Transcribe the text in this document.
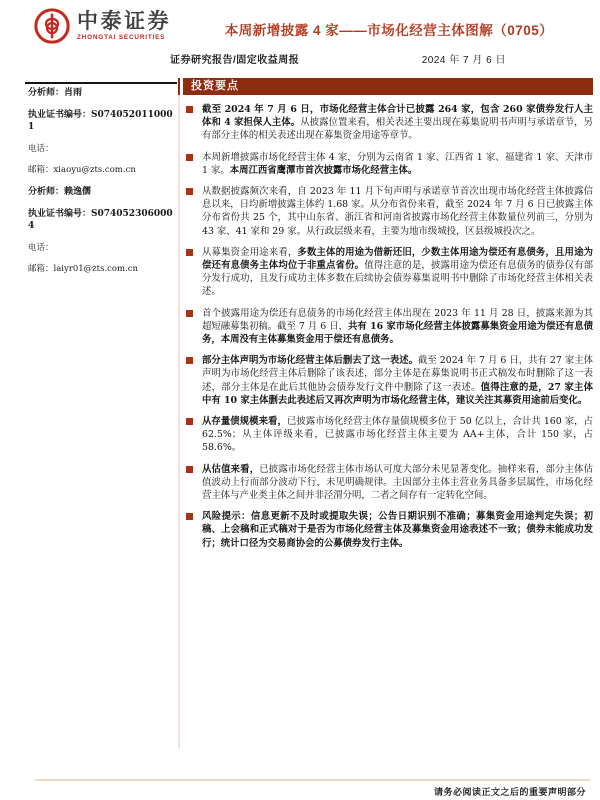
中泰证券
ZHONGTAI SECURITIES	本周新增披露 4 家——市场化经营主体图解（0705）
证券研究报告/固定收益周报	2024 年 7 月 6 日
分析师：肖雨
执业证书编号：S0740520110001
电话：
邮箱：xiaoyu@zts.com.cn
分析师：赖逸儒
执业证书编号：S0740523060004
电话：
邮箱：laiyr01@zts.com.cn
投资要点
截至 2024 年 7 月 6 日，市场化经营主体合计已披露 264 家，包含 260 家债券发行人主体和 4 家担保人主体。从披露位置来看，相关表述主要出现在募集说明书声明与承诺章节，另有部分主体的相关表述出现在募集资金用途等章节。
本周新增披露市场化经营主体 4 家，分别为云南省 1 家、江西省 1 家、福建省 1 家、天津市 1 家。本周江西省鹰潭市首次披露市场化经营主体。
从数据披露频次来看，自 2023 年 11 月下旬声明与承诺章节首次出现市场化经营主体披露信息以来，日均新增披露主体约 1.68 家。从分布省份来看，截至 2024 年 7 月 6 日已披露主体分布省份共 25 个，其中山东省、浙江省和河南省披露市场化经营主体数量位列前三，分别为 43 家、41 家和 29 家。从行政层级来看，主要为地市级城投，区县级城投次之。
从募集资金用途来看，多数主体的用途为借新还旧，少数主体用途为偿还有息债务，且用途为偿还有息债务主体均位于非重点省份。值得注意的是，披露用途为偿还有息债务的债券仅有部分发行成功，且发行成功主体多数在后续协会债券募集说明书中删除了市场化经营主体相关表述。
首个披露用途为偿还有息债务的市场化经营主体出现在 2023 年 11 月 28 日，披露来源为其超短融募集初稿。截至 7 月 6 日，共有 16 家市场化经营主体披露募集资金用途为偿还有息债务，本周没有主体募集资金用于偿还有息债务。
部分主体声明为市场化经营主体后删去了这一表述。截至 2024 年 7 月 6 日，共有 27 家主体声明为市场化经营主体后删除了该表述，部分主体是在募集说明书正式稿发布时删除了这一表述，部分主体是在此后其他协会债券发行文件中删除了这一表述。值得注意的是，27 家主体中有 10 家主体删去此表述后又再次声明为市场化经营主体，建议关注其募资用途前后变化。
从存量债规模来看，已披露市场化经营主体存量债规模多位于 50 亿以上，合计共 160 家，占 62.5%；从主体评级来看，已披露市场化经营主体主要为 AA+主体，合计 150 家，占 58.6%。
从估值来看，已披露市场化经营主体市场认可度大部分未见显著变化。抽样来看，部分主体估值波动上行而部分波动下行，未见明确规律。主因部分主体主营业务具备多层属性，市场化经营主体与产业类主体之间并非泾渭分明，二者之间存有一定转化空间。
风险提示：信息更新不及时或提取失误；公告日期识别不准确；募集资金用途判定失误；初稿、上会稿和正式稿对于是否为市场化经营主体及募集资金用途表述不一致；债券未能成功发行；统计口径为交易商协会的公募债券发行主体。
请务必阅读正文之后的重要声明部分
